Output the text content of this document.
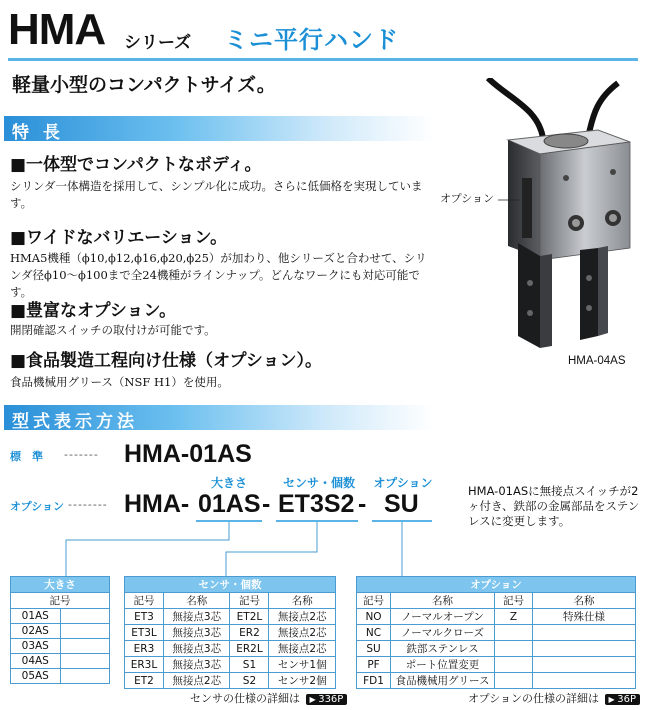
HMA シリーズ ミニ平行ハンド
軽量小型のコンパクトサイズ。
特 長
■一体型でコンパクトなボディ。
シリンダ一体構造を採用して、シンプル化に成功。さらに低価格を実現しています。
■ワイドなバリエーション。
HMA5機種（ϕ10,ϕ12,ϕ16,ϕ20,ϕ25）が加わり、他シリーズと合わせて、シリンダ径ϕ10〜ϕ100まで全24機種がラインナップ。どんなワークにも対応可能です。
■豊富なオプション。
開閉確認スイッチの取付けが可能です。
■食品製造工程向け仕様（オプション）。
食品機械用グリース（NSF H1）を使用。
オプション
HMA-04AS
型式表示方法
標　準 ------- HMA-01AS
大きさ	センサ・個数	オプション
オプション -------- HMA- 01AS - ET3S2 - SU	HMA-01ASに無接点スイッチが2ヶ付き、鉄部の金属部品をステンレスに変更します。
大きさ	
記号	
01AS	
02AS	
03AS	
04AS	
05AS	
センサ・個数			
記号	名称	記号	名称
ET3	無接点3芯	ET2L	無接点2芯
ET3L	無接点3芯	ER2	無接点2芯
ER3	無接点3芯	ER2L	無接点2芯
ER3L	無接点3芯	S1	センサ1個
ET2	無接点2芯	S2	センサ2個
オプション			
記号	名称	記号	名称
NO	ノーマルオープン	Z	特殊仕様
NC	ノーマルクローズ		
SU	鉄部ステンレス		
PF	ポート位置変更		
FD1	食品機械用グリース		
センサの仕様の詳細は ▶ 336P	オプションの仕様の詳細は ▶ 36P
